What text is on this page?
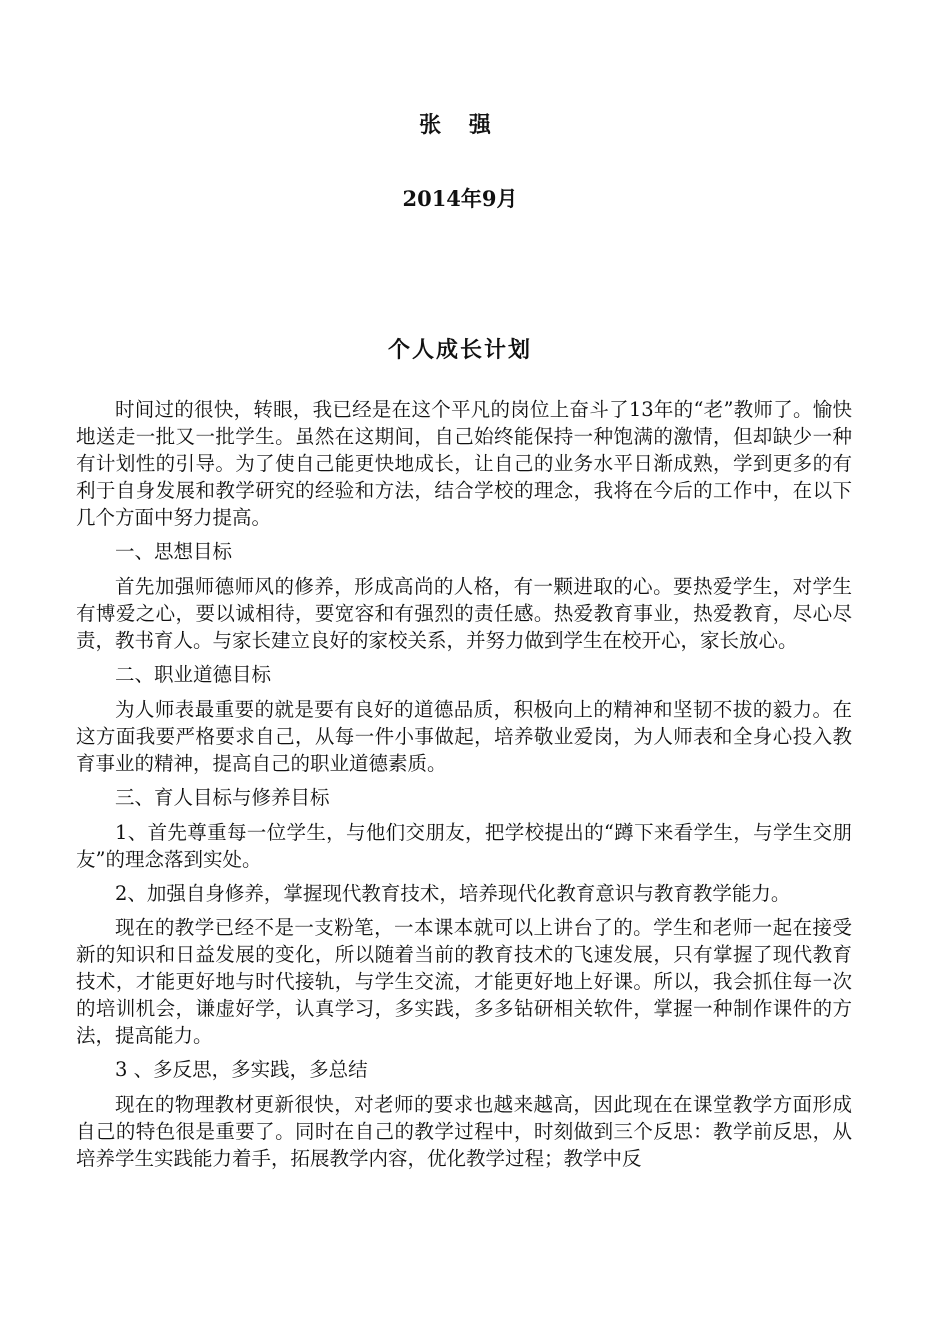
张 强
2014年9月
个人成长计划

时间过的很快，转眼，我已经是在这个平凡的岗位上奋斗了13年的“老”教师了。愉快地送走一批又一批学生。虽然在这期间，自己始终能保持一种饱满的激情，但却缺少一种有计划性的引导。为了使自己能更快地成长，让自己的业务水平日渐成熟，学到更多的有利于自身发展和教学研究的经验和方法，结合学校的理念，我将在今后的工作中，在以下几个方面中努力提高。

一、思想目标

首先加强师德师风的修养，形成高尚的人格，有一颗进取的心。要热爱学生，对学生有博爱之心，要以诚相待，要宽容和有强烈的责任感。热爱教育事业，热爱教育，尽心尽责，教书育人。与家长建立良好的家校关系，并努力做到学生在校开心，家长放心。

二、职业道德目标

为人师表最重要的就是要有良好的道德品质，积极向上的精神和坚韧不拔的毅力。在这方面我要严格要求自己，从每一件小事做起，培养敬业爱岗，为人师表和全身心投入教育事业的精神，提高自己的职业道德素质。

三、育人目标与修养目标

1、首先尊重每一位学生，与他们交朋友，把学校提出的“蹲下来看学生，与学生交朋友”的理念落到实处。

2、加强自身修养，掌握现代教育技术，培养现代化教育意识与教育教学能力。

现在的教学已经不是一支粉笔，一本课本就可以上讲台了的。学生和老师一起在接受新的知识和日益发展的变化，所以随着当前的教育技术的飞速发展，只有掌握了现代教育技术，才能更好地与时代接轨，与学生交流，才能更好地上好课。所以，我会抓住每一次的培训机会，谦虚好学，认真学习，多实践，多多钻研相关软件，掌握一种制作课件的方法，提高能力。

3 、多反思，多实践，多总结

现在的物理教材更新很快，对老师的要求也越来越高，因此现在在课堂教学方面形成自己的特色很是重要了。同时在自己的教学过程中，时刻做到三个反思：教学前反思，从培养学生实践能力着手，拓展教学内容，优化教学过程；教学中反
